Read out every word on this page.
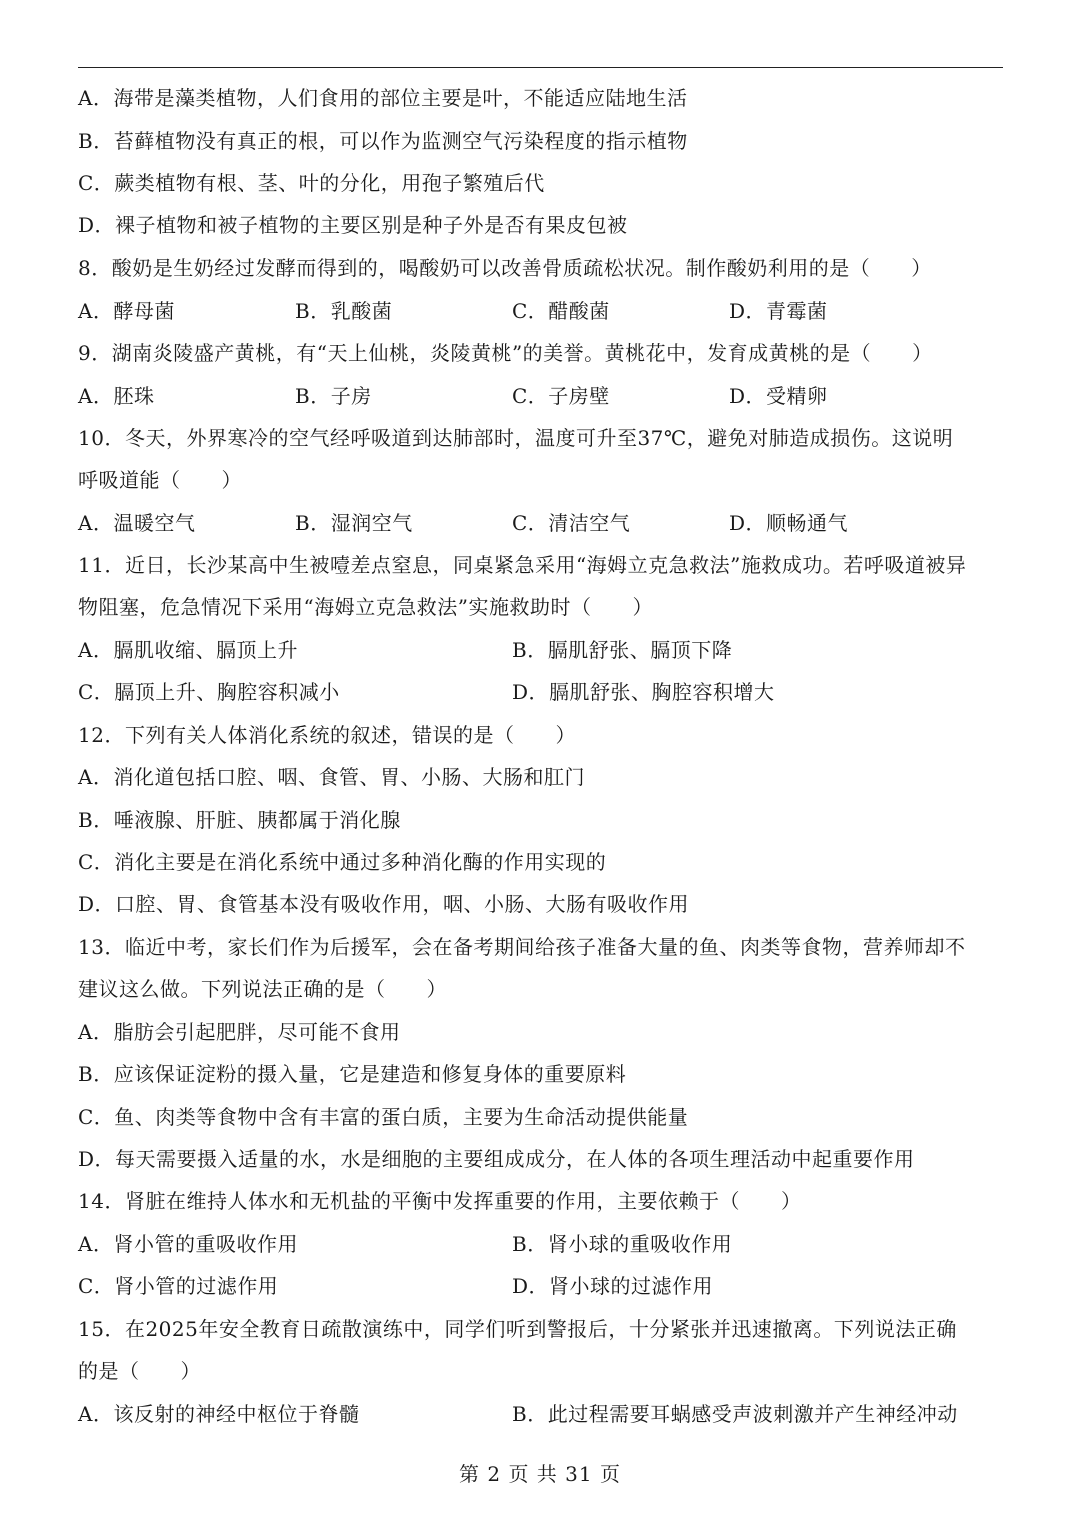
A．海带是藻类植物，人们食用的部位主要是叶，不能适应陆地生活
B．苔藓植物没有真正的根，可以作为监测空气污染程度的指示植物
C．蕨类植物有根、茎、叶的分化，用孢子繁殖后代
D．裸子植物和被子植物的主要区别是种子外是否有果皮包被
8．酸奶是生奶经过发酵而得到的，喝酸奶可以改善骨质疏松状况。制作酸奶利用的是（　　）
A．酵母菌	B．乳酸菌	C．醋酸菌	D．青霉菌
9．湖南炎陵盛产黄桃，有“天上仙桃，炎陵黄桃”的美誉。黄桃花中，发育成黄桃的是（　　）
A．胚珠	B．子房	C．子房壁	D．受精卵
10．冬天，外界寒冷的空气经呼吸道到达肺部时，温度可升至37℃，避免对肺造成损伤。这说明
呼吸道能（　　）
A．温暖空气	B．湿润空气	C．清洁空气	D．顺畅通气
11．近日，长沙某高中生被噎差点窒息，同桌紧急采用“海姆立克急救法”施救成功。若呼吸道被异
物阻塞，危急情况下采用“海姆立克急救法”实施救助时（　　）
A．膈肌收缩、膈顶上升	B．膈肌舒张、膈顶下降
C．膈顶上升、胸腔容积减小	D．膈肌舒张、胸腔容积增大
12．下列有关人体消化系统的叙述，错误的是（　　）
A．消化道包括口腔、咽、食管、胃、小肠、大肠和肛门
B．唾液腺、肝脏、胰都属于消化腺
C．消化主要是在消化系统中通过多种消化酶的作用实现的
D．口腔、胃、食管基本没有吸收作用，咽、小肠、大肠有吸收作用
13．临近中考，家长们作为后援军，会在备考期间给孩子准备大量的鱼、肉类等食物，营养师却不
建议这么做。下列说法正确的是（　　）
A．脂肪会引起肥胖，尽可能不食用
B．应该保证淀粉的摄入量，它是建造和修复身体的重要原料
C．鱼、肉类等食物中含有丰富的蛋白质，主要为生命活动提供能量
D．每天需要摄入适量的水，水是细胞的主要组成成分，在人体的各项生理活动中起重要作用
14．肾脏在维持人体水和无机盐的平衡中发挥重要的作用，主要依赖于（　　）
A．肾小管的重吸收作用	B．肾小球的重吸收作用
C．肾小管的过滤作用	D．肾小球的过滤作用
15．在2025年安全教育日疏散演练中，同学们听到警报后，十分紧张并迅速撤离。下列说法正确
的是（　　）
A．该反射的神经中枢位于脊髓	B．此过程需要耳蜗感受声波刺激并产生神经冲动
第 2 页 共 31 页
